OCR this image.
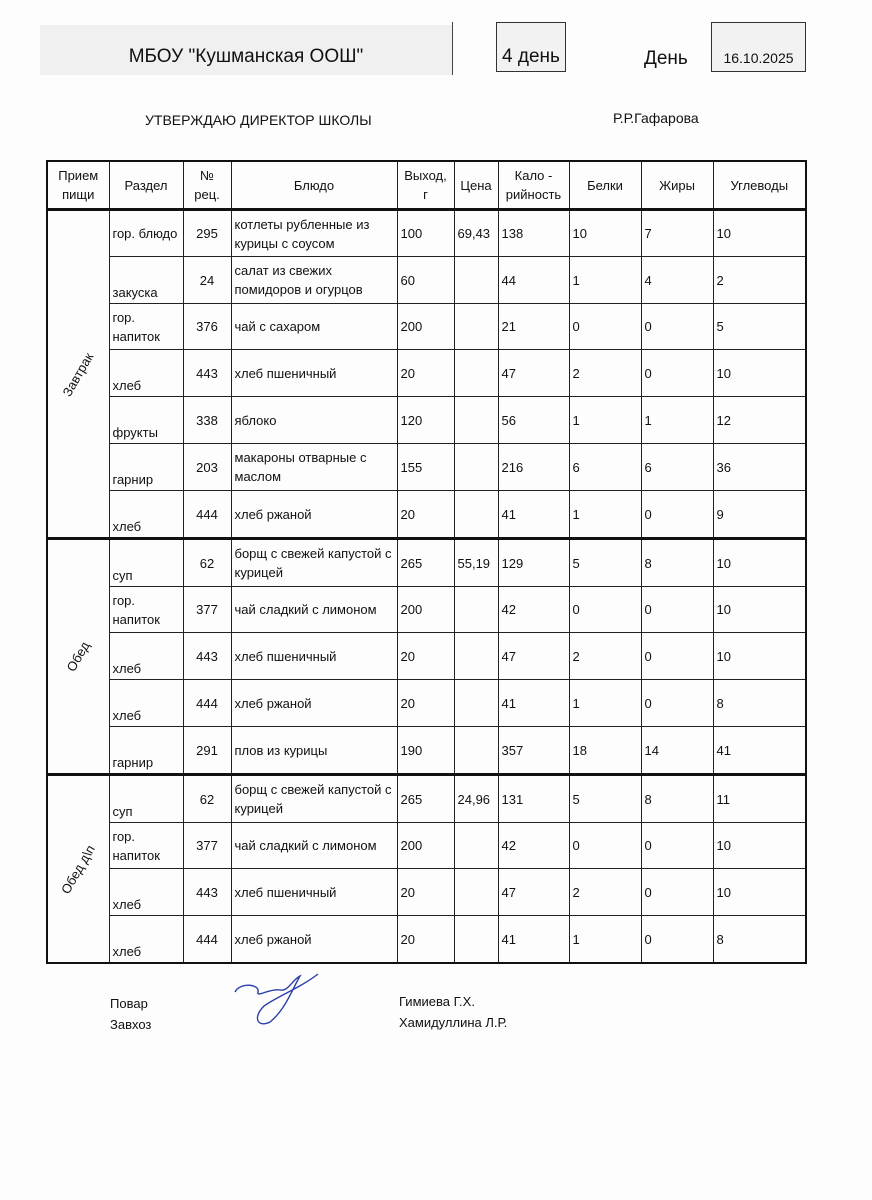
МБОУ "Кушманская ООШ"	4 день	День	16.10.2025
УТВЕРЖДАЮ ДИРЕКТОР ШКОЛЫ	Р.Р.Гафарова
Прием пищи	Раздел	№ рец.	Блюдо	Выход, г	Цена	Кало - рийность	Белки	Жиры	Углеводы
Завтрак	гор. блюдо	295	котлеты рубленные из курицы с соусом	100	69,43	138	10	7	10
	закуска	24	салат из свежих помидоров и огурцов	60		44	1	4	2
	гор. напиток	376	чай с сахаром	200		21	0	0	5
	хлеб	443	хлеб пшеничный	20		47	2	0	10
	фрукты	338	яблоко	120		56	1	1	12
	гарнир	203	макароны отварные с маслом	155		216	6	6	36
	хлеб	444	хлеб ржаной	20		41	1	0	9
Обед	суп	62	борщ с свежей капустой с курицей	265	55,19	129	5	8	10
	гор. напиток	377	чай сладкий с лимоном	200		42	0	0	10
	хлеб	443	хлеб пшеничный	20		47	2	0	10
	хлеб	444	хлеб ржаной	20		41	1	0	8
	гарнир	291	плов из курицы	190		357	18	14	41
Обед д\п	суп	62	борщ с свежей капустой с курицей	265	24,96	131	5	8	11
	гор. напиток	377	чай сладкий с лимоном	200		42	0	0	10
	хлеб	443	хлеб пшеничный	20		47	2	0	10
	хлеб	444	хлеб ржаной	20		41	1	0	8
Повар
Завхоз
Гимиева Г.Х.
Хамидуллина Л.Р.
